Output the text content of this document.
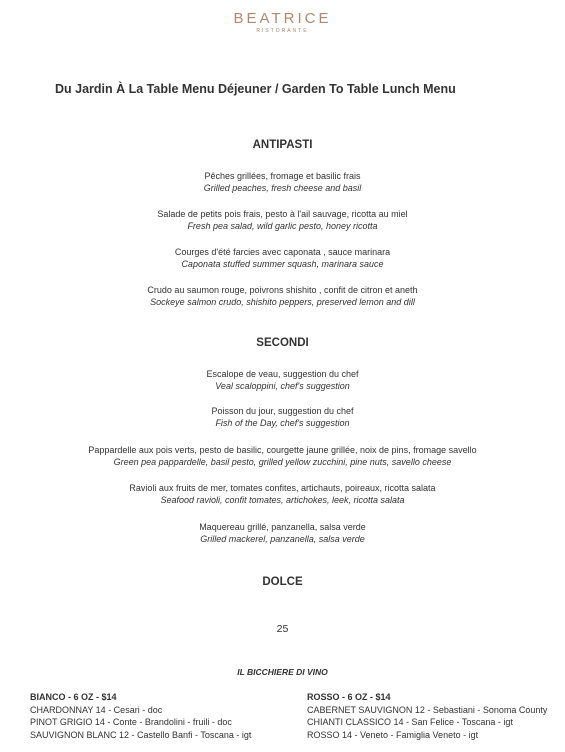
BEATRICE
RISTORANTE
Du Jardin À La Table Menu Déjeuner / Garden To Table Lunch Menu
ANTIPASTI
Pêches grillées, fromage et basilic frais
Grilled peaches, fresh cheese and basil
Salade de petits pois frais, pesto à l'ail sauvage, ricotta au miel
Fresh pea salad, wild garlic pesto, honey ricotta
Courges d'été farcies avec caponata , sauce marinara
Caponata stuffed summer squash, marinara sauce
Crudo au saumon rouge, poivrons shishito , confit de citron et aneth
Sockeye salmon crudo, shishito peppers, preserved lemon and dill
SECONDI
Escalope de veau, suggestion du chef
Veal scaloppini, chef's suggestion
Poisson du jour, suggestion du chef
Fish of the Day, chef's suggestion
Pappardelle aux pois verts, pesto de basilic, courgette jaune grillée, noix de pins, fromage savello
Green pea pappardelle, basil pesto, grilled yellow zucchini, pine nuts, savello cheese
Ravioli aux fruits de mer, tomates confites, artichauts, poireaux, ricotta salata
Seafood ravioli, confit tomates, artichokes, leek, ricotta salata
Maquereau grillé, panzanella, salsa verde
Grilled mackerel, panzanella, salsa verde
DOLCE
25
IL BICCHIERE DI VINO
BIANCO - 6 OZ - $14
CHARDONNAY 14 - Cesari - doc
PINOT GRIGIO 14 - Conte - Brandolini - fruili - doc
SAUVIGNON BLANC 12 - Castello Banfi - Toscana - igt
ROSSO - 6 OZ - $14
CABERNET SAUVIGNON 12 - Sebastiani - Sonoma County
CHIANTI CLASSICO 14 - San Felice - Toscana - igt
ROSSO 14 - Veneto - Famiglia Veneto - igt
